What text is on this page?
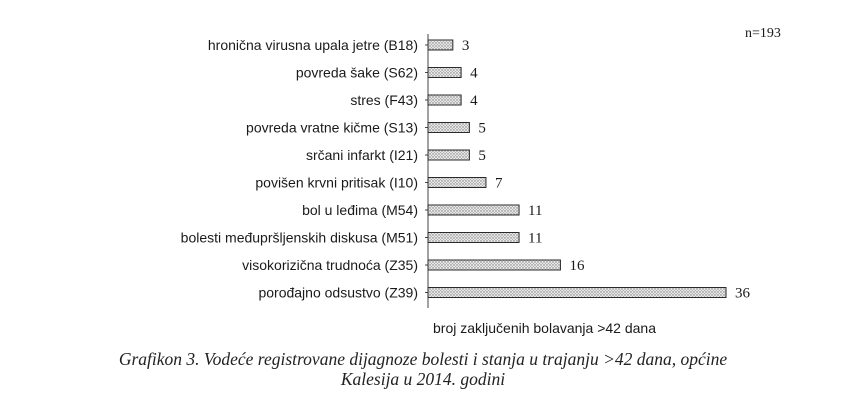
hronična virusna upala jetre (B18)	3
povreda šake (S62)	4
stres (F43)	4
povreda vratne kičme (S13)	5
srčani infarkt (I21)	5
povišen krvni pritisak (I10)	7
bol u leđima (M54)	11
bolesti međupršljenskih diskusa (M51)	11
visokorizična trudnoća (Z35)	16
porođajno odsustvo (Z39)	36
n=193
broj zaključenih bolavanja >42 dana
Grafikon 3. Vodeće registrovane dijagnoze bolesti i stanja u trajanju >42 dana, općine
Kalesija u 2014. godini
